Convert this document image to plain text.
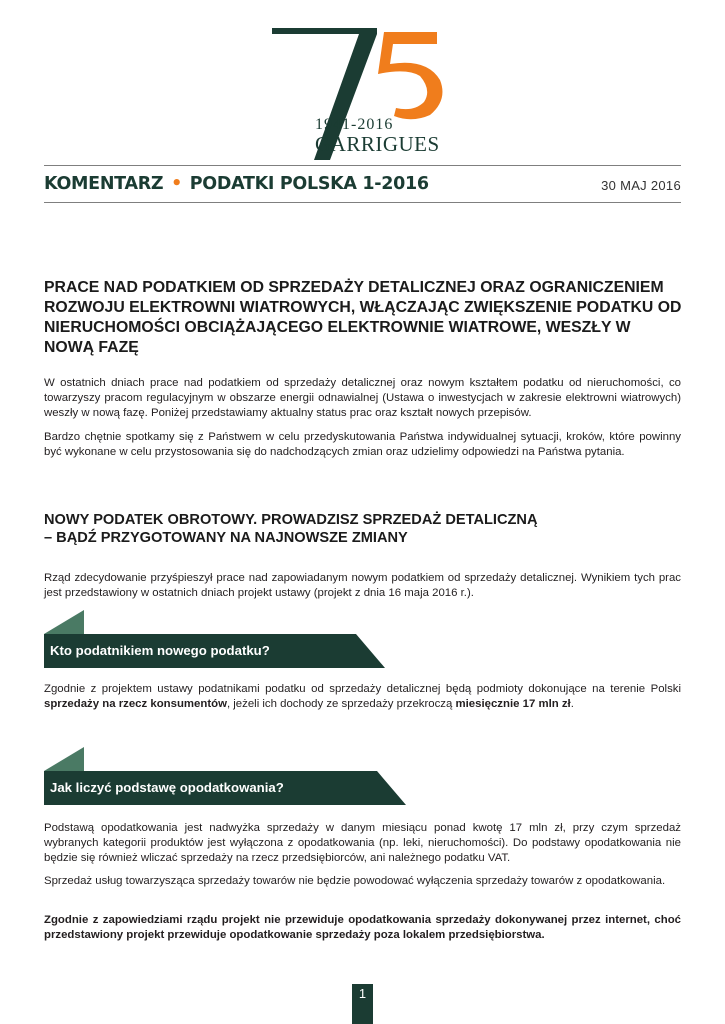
1941-2016
GARRIGUES
KOMENTARZ • PODATKI POLSKA 1-2016	30 MAJ 2016
PRACE NAD PODATKIEM OD SPRZEDAŻY DETALICZNEJ ORAZ OGRANICZENIEM ROZWOJU ELEKTROWNI WIATROWYCH, WŁĄCZAJĄC ZWIĘKSZENIE PODATKU OD NIERUCHOMOŚCI OBCIĄŻAJĄCEGO ELEKTROWNIE WIATROWE, WESZŁY W NOWĄ FAZĘ
W ostatnich dniach prace nad podatkiem od sprzedaży detalicznej oraz nowym kształtem podatku od nieruchomości, co towarzyszy pracom regulacyjnym w obszarze energii odnawialnej (Ustawa o inwestycjach w zakresie elektrowni wiatrowych) weszły w nową fazę. Poniżej przedstawiamy aktualny status prac oraz kształt nowych przepisów.
Bardzo chętnie spotkamy się z Państwem w celu przedyskutowania Państwa indywidualnej sytuacji, kroków, które powinny być wykonane w celu przystosowania się do nadchodzących zmian oraz udzielimy odpowiedzi na Państwa pytania.
NOWY PODATEK OBROTOWY. PROWADZISZ SPRZEDAŻ DETALICZNĄ
– BĄDŹ PRZYGOTOWANY NA NAJNOWSZE ZMIANY
Rząd zdecydowanie przyśpieszył prace nad zapowiadanym nowym podatkiem od sprzedaży detalicznej. Wynikiem tych prac jest przedstawiony w ostatnich dniach projekt ustawy (projekt z dnia 16 maja 2016 r.).
Kto podatnikiem nowego podatku?
Zgodnie z projektem ustawy podatnikami podatku od sprzedaży detalicznej będą podmioty dokonujące na terenie Polski sprzedaży na rzecz konsumentów, jeżeli ich dochody ze sprzedaży przekroczą miesięcznie 17 mln zł.
Jak liczyć podstawę opodatkowania?
Podstawą opodatkowania jest nadwyżka sprzedaży w danym miesiącu ponad kwotę 17 mln zł, przy czym sprzedaż wybranych kategorii produktów jest wyłączona z opodatkowania (np. leki, nieruchomości). Do podstawy opodatkowania nie będzie się również wliczać sprzedaży na rzecz przedsiębiorców, ani należnego podatku VAT.
Sprzedaż usług towarzysząca sprzedaży towarów nie będzie powodować wyłączenia sprzedaży towarów z opodatkowania.
Zgodnie z zapowiedziami rządu projekt nie przewiduje opodatkowania sprzedaży dokonywanej przez internet, choć przedstawiony projekt przewiduje opodatkowanie sprzedaży poza lokalem przedsiębiorstwa.
1
